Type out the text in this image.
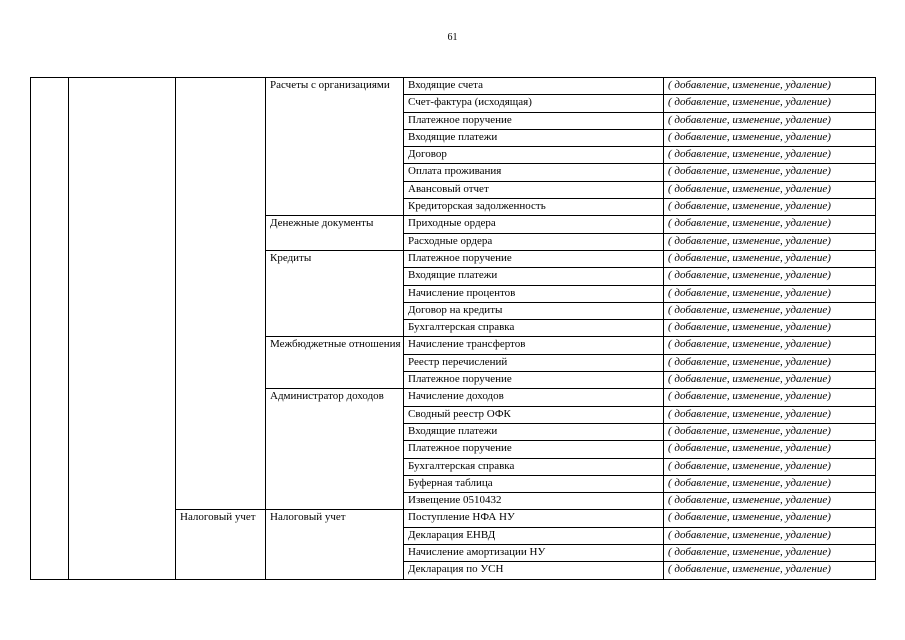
61
			Расчеты с организациями	Входящие счета	( добавление, изменение, удаление)
				Счет-фактура (исходящая)	( добавление, изменение, удаление)
				Платежное поручение	( добавление, изменение, удаление)
				Входящие платежи	( добавление, изменение, удаление)
				Договор	( добавление, изменение, удаление)
				Оплата проживания	( добавление, изменение, удаление)
				Авансовый отчет	( добавление, изменение, удаление)
				Кредиторская задолженность	( добавление, изменение, удаление)
			Денежные документы	Приходные ордера	( добавление, изменение, удаление)
				Расходные ордера	( добавление, изменение, удаление)
			Кредиты	Платежное поручение	( добавление, изменение, удаление)
				Входящие платежи	( добавление, изменение, удаление)
				Начисление процентов	( добавление, изменение, удаление)
				Договор на кредиты	( добавление, изменение, удаление)
				Бухгалтерская справка	( добавление, изменение, удаление)
			Межбюджетные отношения	Начисление трансфертов	( добавление, изменение, удаление)
				Реестр перечислений	( добавление, изменение, удаление)
				Платежное поручение	( добавление, изменение, удаление)
			Администратор доходов	Начисление доходов	( добавление, изменение, удаление)
				Сводный реестр ОФК	( добавление, изменение, удаление)
				Входящие платежи	( добавление, изменение, удаление)
				Платежное поручение	( добавление, изменение, удаление)
				Бухгалтерская справка	( добавление, изменение, удаление)
				Буферная таблица	( добавление, изменение, удаление)
				Извещение 0510432	( добавление, изменение, удаление)
		Налоговый учет	Налоговый учет	Поступление НФА НУ	( добавление, изменение, удаление)
				Декларация ЕНВД	( добавление, изменение, удаление)
				Начисление амортизации НУ	( добавление, изменение, удаление)
				Декларация по УСН	( добавление, изменение, удаление)
